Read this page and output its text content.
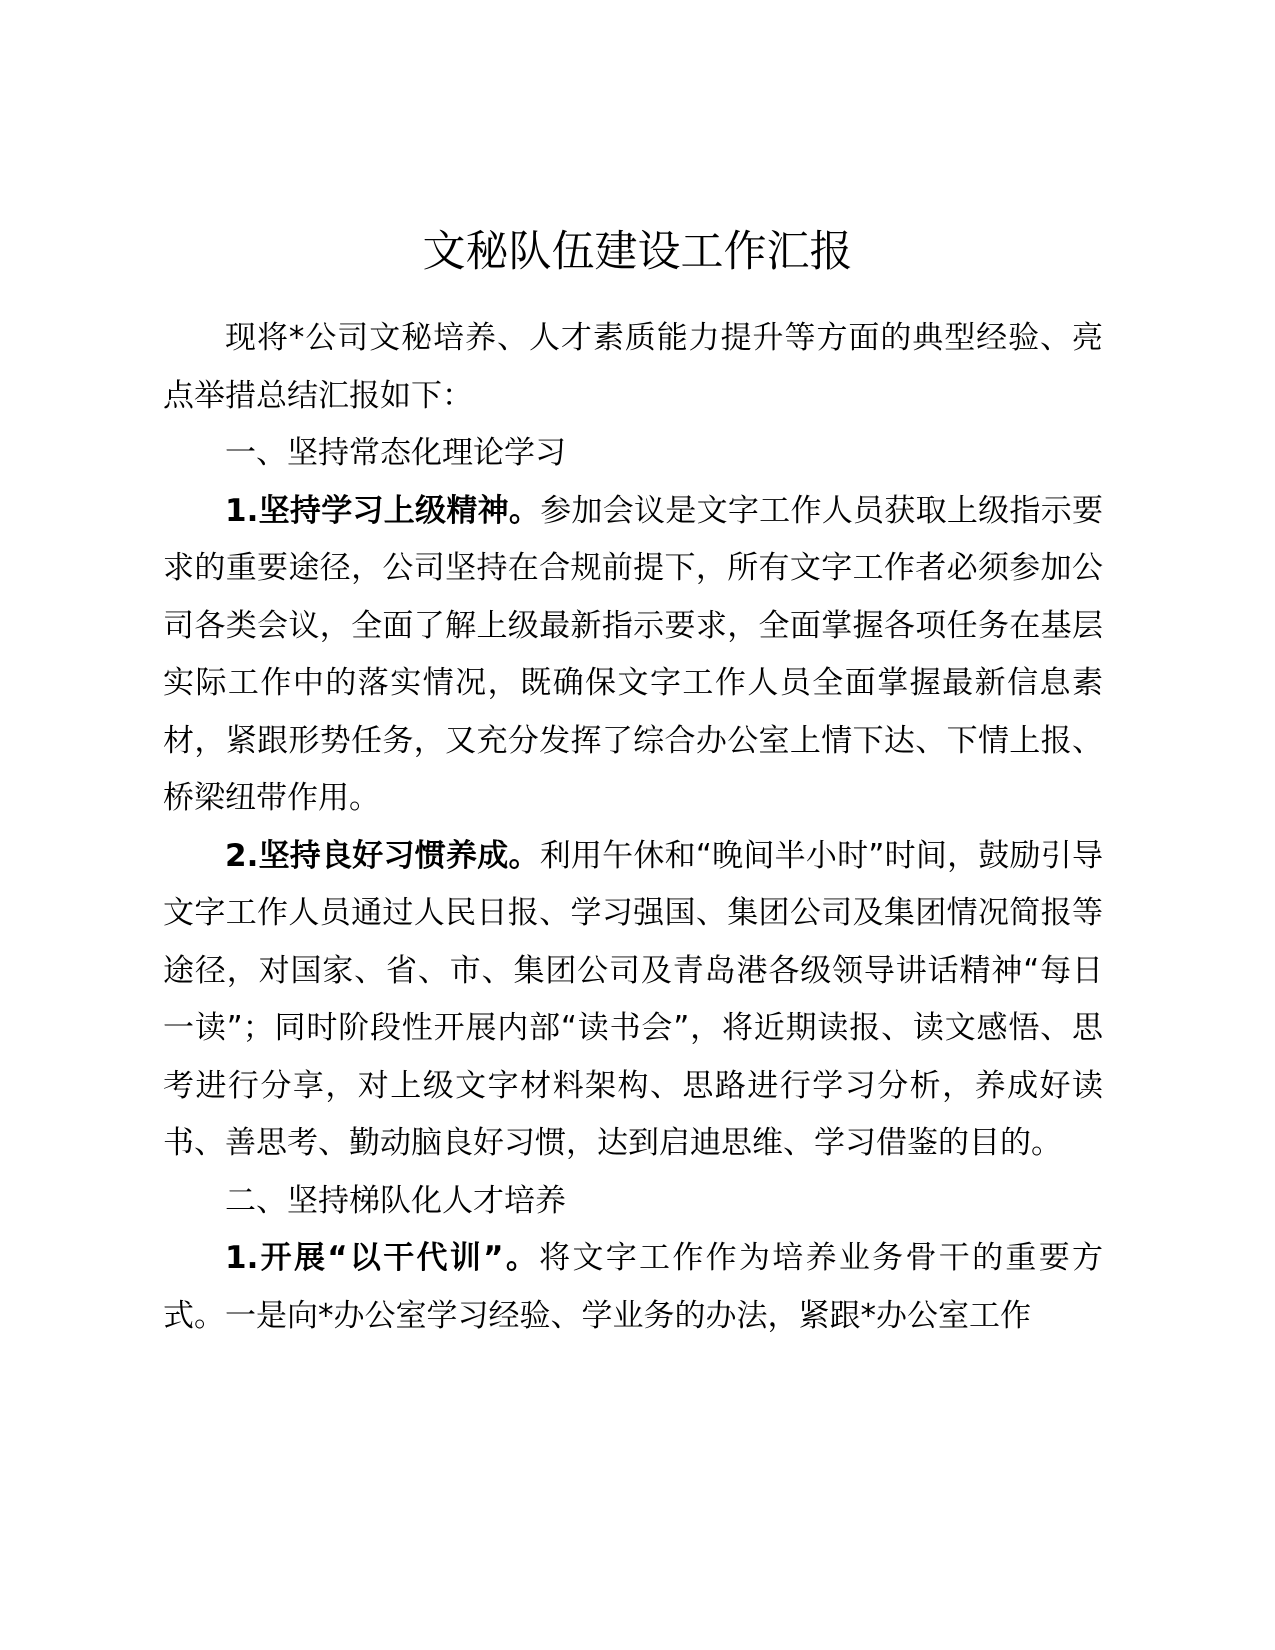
文秘队伍建设工作汇报

现将*公司文秘培养、人才素质能力提升等方面的典型经验、亮点举措总结汇报如下：

一、坚持常态化理论学习

1.坚持学习上级精神。参加会议是文字工作人员获取上级指示要求的重要途径，公司坚持在合规前提下，所有文字工作者必须参加公司各类会议，全面了解上级最新指示要求，全面掌握各项任务在基层实际工作中的落实情况，既确保文字工作人员全面掌握最新信息素材，紧跟形势任务，又充分发挥了综合办公室上情下达、下情上报、桥梁纽带作用。

2.坚持良好习惯养成。利用午休和“晚间半小时”时间，鼓励引导文字工作人员通过人民日报、学习强国、集团公司及集团情况简报等途径，对国家、省、市、集团公司及青岛港各级领导讲话精神“每日一读”；同时阶段性开展内部“读书会”，将近期读报、读文感悟、思考进行分享，对上级文字材料架构、思路进行学习分析，养成好读书、善思考、勤动脑良好习惯，达到启迪思维、学习借鉴的目的。

二、坚持梯队化人才培养

1.开展“以干代训”。将文字工作作为培养业务骨干的重要方式。一是向*办公室学习经验、学业务的办法，紧跟*办公室工作
